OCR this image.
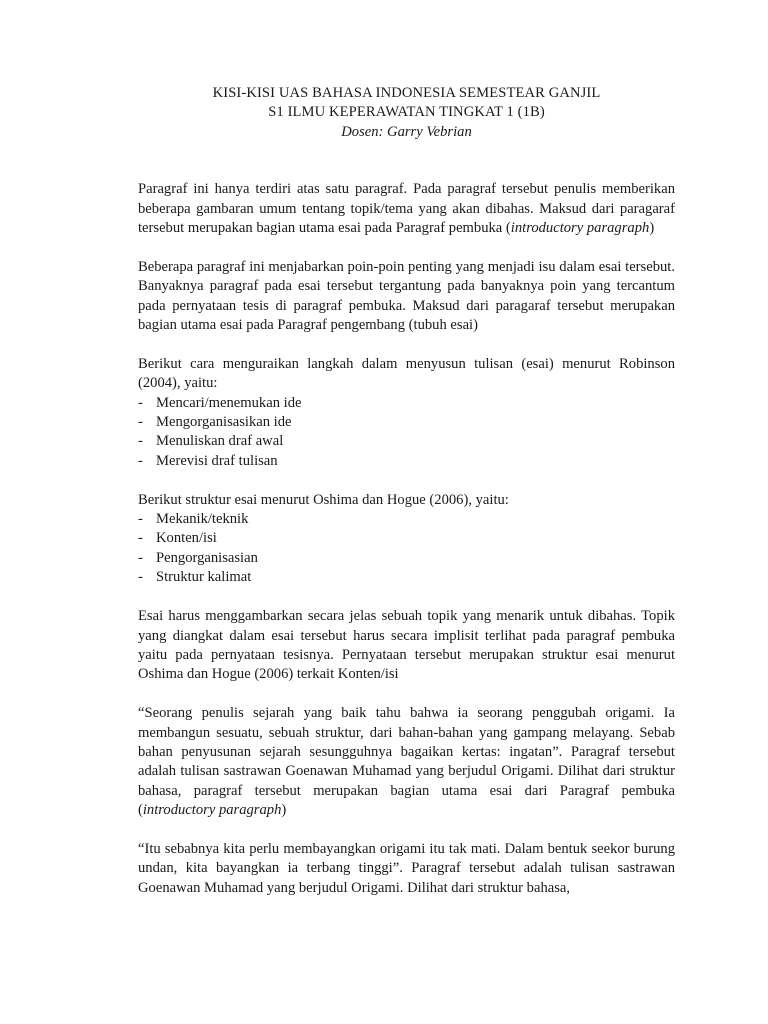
KISI-KISI UAS BAHASA INDONESIA SEMESTEAR GANJIL
S1 ILMU KEPERAWATAN TINGKAT 1 (1B)
Dosen: Garry Vebrian

Paragraf ini hanya terdiri atas satu paragraf. Pada paragraf tersebut penulis memberikan beberapa gambaran umum tentang topik/tema yang akan dibahas. Maksud dari paragaraf tersebut merupakan bagian utama esai pada Paragraf pembuka (introductory paragraph)

Beberapa paragraf ini menjabarkan poin-poin penting yang menjadi isu dalam esai tersebut. Banyaknya paragraf pada esai tersebut tergantung pada banyaknya poin yang tercantum pada pernyataan tesis di paragraf pembuka. Maksud dari paragaraf tersebut merupakan bagian utama esai pada Paragraf pengembang (tubuh esai)

Berikut cara menguraikan langkah dalam menyusun tulisan (esai) menurut Robinson (2004), yaitu:

- Mencari/menemukan ide
- Mengorganisasikan ide
- Menuliskan draf awal
- Merevisi draf tulisan

Berikut struktur esai menurut Oshima dan Hogue (2006), yaitu:

- Mekanik/teknik
- Konten/isi
- Pengorganisasian
- Struktur kalimat

Esai harus menggambarkan secara jelas sebuah topik yang menarik untuk dibahas. Topik yang diangkat dalam esai tersebut harus secara implisit terlihat pada paragraf pembuka yaitu pada pernyataan tesisnya. Pernyataan tersebut merupakan struktur esai menurut Oshima dan Hogue (2006) terkait Konten/isi

“Seorang penulis sejarah yang baik tahu bahwa ia seorang penggubah origami. Ia membangun sesuatu, sebuah struktur, dari bahan-bahan yang gampang melayang. Sebab bahan penyusunan sejarah sesungguhnya bagaikan kertas: ingatan”. Paragraf tersebut adalah tulisan sastrawan Goenawan Muhamad yang berjudul Origami. Dilihat dari struktur bahasa, paragraf tersebut merupakan bagian utama esai dari Paragraf pembuka (introductory paragraph)

“Itu sebabnya kita perlu membayangkan origami itu tak mati. Dalam bentuk seekor burung undan, kita bayangkan ia terbang tinggi”. Paragraf tersebut adalah tulisan sastrawan Goenawan Muhamad yang berjudul Origami. Dilihat dari struktur bahasa,
